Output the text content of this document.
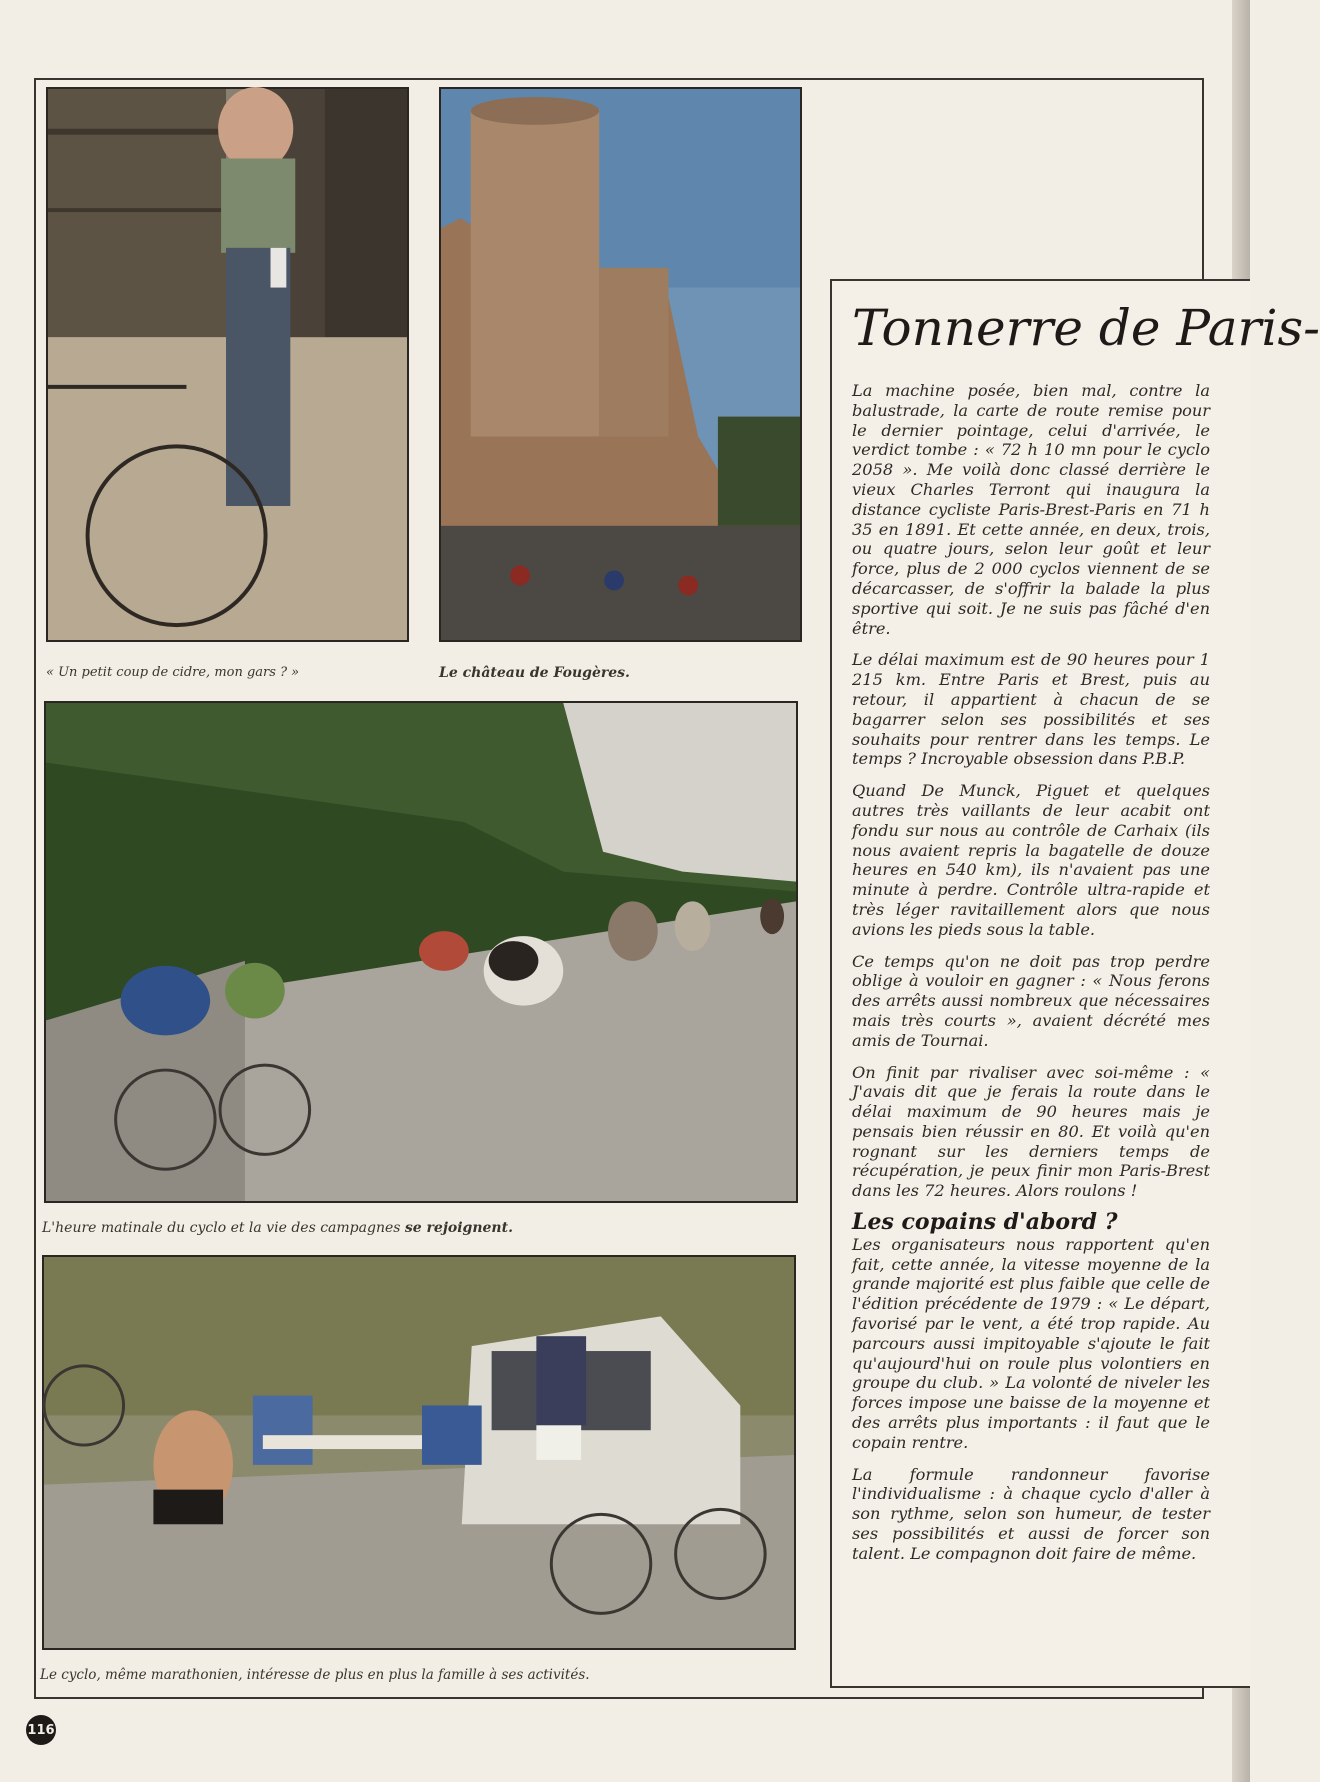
« Un petit coup de cidre, mon gars ? »	Le château de Fougères.
L'heure matinale du cyclo et la vie des campagnes se rejoignent.
Le cyclo, même marathonien, intéresse de plus en plus la famille à ses activités.
Tonnerre de Paris-

La machine posée, bien mal, contre la balustrade, la carte de route remise pour le dernier pointage, celui d'arrivée, le verdict tombe : « 72 h 10 mn pour le cyclo 2058 ». Me voilà donc classé derrière le vieux Charles Terront qui inaugura la distance cycliste Paris-Brest-Paris en 71 h 35 en 1891. Et cette année, en deux, trois, ou quatre jours, selon leur goût et leur force, plus de 2 000 cyclos viennent de se décarcasser, de s'offrir la balade la plus sportive qui soit. Je ne suis pas fâché d'en être.

Le délai maximum est de 90 heures pour 1 215 km. Entre Paris et Brest, puis au retour, il appartient à chacun de se bagarrer selon ses possibilités et ses souhaits pour rentrer dans les temps. Le temps ? Incroyable obsession dans P.B.P.

Quand De Munck, Piguet et quelques autres très vaillants de leur acabit ont fondu sur nous au contrôle de Carhaix (ils nous avaient repris la bagatelle de douze heures en 540 km), ils n'avaient pas une minute à perdre. Contrôle ultra-rapide et très léger ravitaillement alors que nous avions les pieds sous la table.

Ce temps qu'on ne doit pas trop perdre oblige à vouloir en gagner : « Nous ferons des arrêts aussi nombreux que nécessaires mais très courts », avaient décrété mes amis de Tournai.

On finit par rivaliser avec soi-même : « J'avais dit que je ferais la route dans le délai maximum de 90 heures mais je pensais bien réussir en 80. Et voilà qu'en rognant sur les derniers temps de récupération, je peux finir mon Paris-Brest dans les 72 heures. Alors roulons !

Les copains d'abord ?

Les organisateurs nous rapportent qu'en fait, cette année, la vitesse moyenne de la grande majorité est plus faible que celle de l'édition précédente de 1979 : « Le départ, favorisé par le vent, a été trop rapide. Au parcours aussi impitoyable s'ajoute le fait qu'aujourd'hui on roule plus volontiers en groupe du club. » La volonté de niveler les forces impose une baisse de la moyenne et des arrêts plus importants : il faut que le copain rentre.

La formule randonneur favorise l'individualisme : à chaque cyclo d'aller à son rythme, selon son humeur, de tester ses possibilités et aussi de forcer son talent. Le compagnon doit faire de même.

116
